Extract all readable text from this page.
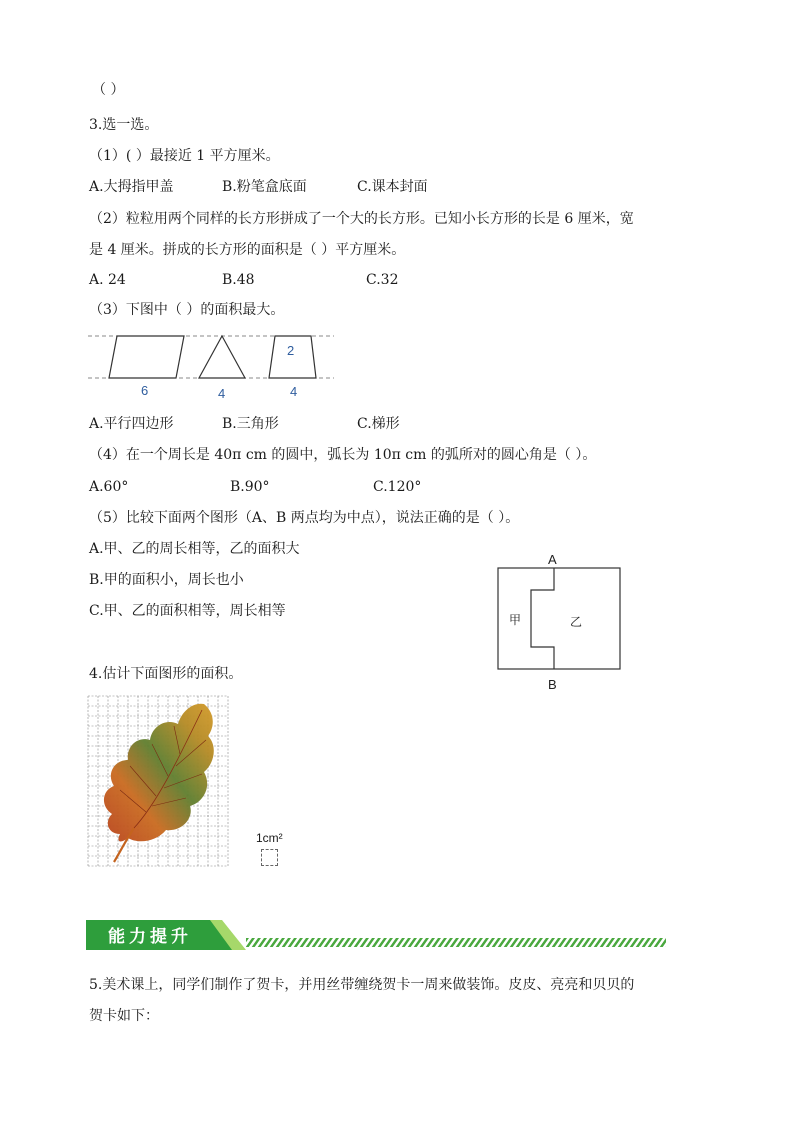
（ ）
3.选一选。
（1）( ）最接近 1 平方厘米。
A.大拇指甲盖	B.粉笔盒底面	C.课本封面
（2）粒粒用两个同样的长方形拼成了一个大的长方形。已知小长方形的长是 6 厘米，宽
是 4 厘米。拼成的长方形的面积是（ ）平方厘米。
A. 24	B.48	C.32
（3）下图中（ ）的面积最大。
6	4
2
4
A.平行四边形	B.三角形	C.梯形
（4）在一个周长是 40π cm 的圆中，弧长为 10π cm 的弧所对的圆心角是（ ）。
A.60°	B.90°	C.120°
（5）比较下面两个图形（A、B 两点均为中点），说法正确的是（ ）。
A.甲、乙的周长相等，乙的面积大
B.甲的面积小，周长也小
C.甲、乙的面积相等，周长相等
A
B
甲	乙
4.估计下面图形的面积。
1cm²
能力提升
5.美术课上，同学们制作了贺卡，并用丝带缠绕贺卡一周来做装饰。皮皮、亮亮和贝贝的
贺卡如下：
